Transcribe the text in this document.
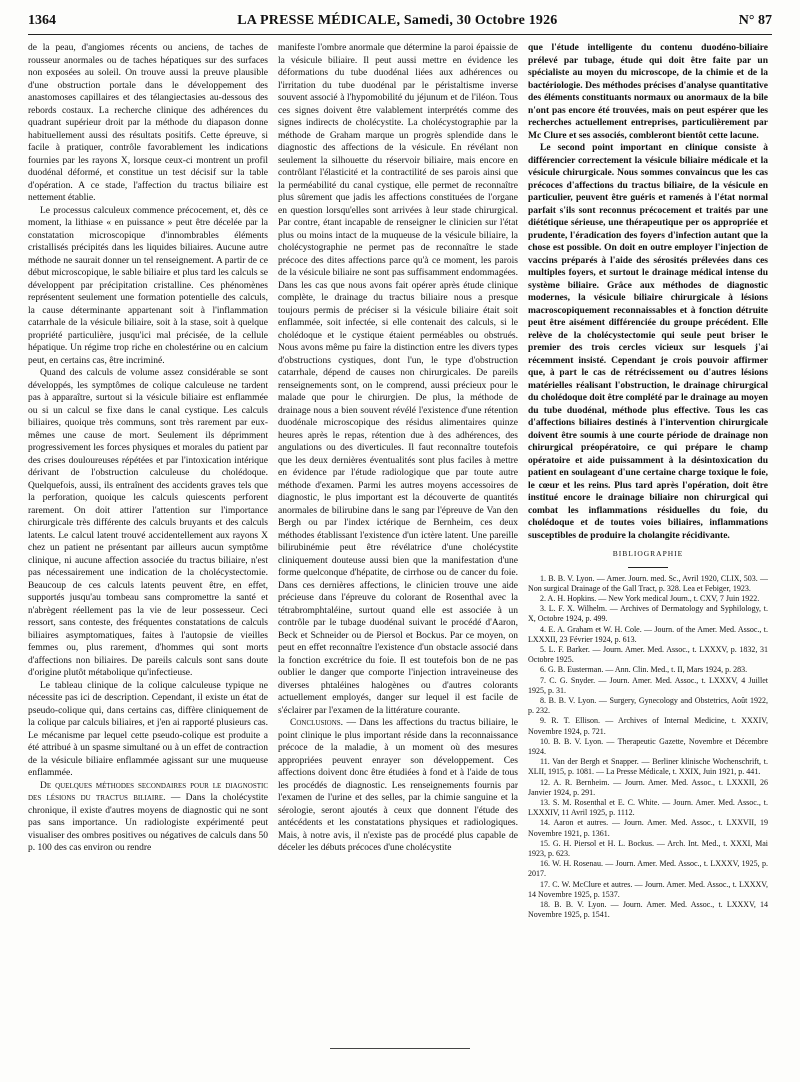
1364	LA PRESSE MÉDICALE, Samedi, 30 Octobre 1926	N° 87

de la peau, d'angiomes récents ou anciens, de taches de rousseur anormales ou de taches hépatiques sur des surfaces non exposées au soleil. On trouve aussi la preuve plausible d'une obstruction portale dans le développement des anastomoses capillaires et des télangiectasies au-dessous des rebords costaux. La recherche clinique des adhérences du quadrant supérieur droit par la méthode du diapason donne habituellement aussi des résultats positifs. Cette épreuve, si facile à pratiquer, contrôle favorablement les indications fournies par les rayons X, lorsque ceux-ci montrent un profil duodénal déformé, et constitue un test décisif sur la table d'opération. A ce stade, l'affection du tractus biliaire est nettement établie.

Le processus calculeux commence précocement, et, dès ce moment, la lithiase « en puissance » peut être décelée par la constatation microscopique d'innombrables éléments cristallisés précipités dans les liquides biliaires. Aucune autre méthode ne saurait donner un tel renseignement. A partir de ce début microscopique, le sable biliaire et plus tard les calculs se développent par précipitation cristalline. Ces phénomènes représentent seulement une formation potentielle des calculs, la cause déterminante appartenant soit à l'inflammation catarrhale de la vésicule biliaire, soit à la stase, soit à quelque propriété particulière, jusqu'ici mal précisée, de la cellule hépatique. Un régime trop riche en cholestérine ou en calcium peut, en certains cas, être incriminé.

Quand des calculs de volume assez considérable se sont développés, les symptômes de colique calculeuse ne tardent pas à apparaître, surtout si la vésicule biliaire est enflammée ou si un calcul se fixe dans le canal cystique. Les calculs biliaires, quoique très communs, sont très rarement par eux-mêmes une cause de mort. Seulement ils déprimment progressivement les forces physiques et morales du patient par des crises douloureuses répétées et par l'intoxication intérique dérivant de l'obstruction calculeuse du cholédoque. Quelquefois, aussi, ils entraînent des accidents graves tels que la perforation, quoique les calculs quiescents perforent rarement. On doit attirer l'attention sur l'importance chirurgicale très différente des calculs bruyants et des calculs latents. Le calcul latent trouvé accidentellement aux rayons X chez un patient ne présentant par ailleurs aucun symptôme clinique, ni aucune affection associée du tractus biliaire, n'est pas nécessairement une indication de la cholécystectomie. Beaucoup de ces calculs latents peuvent être, en effet, supportés jusqu'au tombeau sans compromettre la santé et n'abrègent réellement pas la vie de leur possesseur. Ceci ressort, sans conteste, des fréquentes constatations de calculs biliaires asymptomatiques, faites à l'autopsie de vieilles femmes ou, plus rarement, d'hommes qui sont morts d'affections non biliaires. De pareils calculs sont sans doute d'origine plutôt métabolique qu'infectieuse.

Le tableau clinique de la colique calculeuse typique ne nécessite pas ici de description. Cependant, il existe un état de pseudo-colique qui, dans certains cas, diffère cliniquement de la colique par calculs biliaires, et j'en ai rapporté plusieurs cas. Le mécanisme par lequel cette pseudo-colique est produite a été attribué à un spasme simultané ou à un effet de contraction de la vésicule biliaire enflammée agissant sur une muqueuse enflammée.

De quelques méthodes secondaires pour le diagnostic des lésions du tractus biliaire. — Dans la cholécystite chronique, il existe d'autres moyens de diagnostic qui ne sont pas sans importance. Un radiologiste expérimenté peut visualiser des ombres positives ou négatives de calculs dans 50 p. 100 des cas environ ou rendre

manifeste l'ombre anormale que détermine la paroi épaissie de la vésicule biliaire. Il peut aussi mettre en évidence les déformations du tube duodénal liées aux adhérences ou l'irritation du tube duodénal par le péristaltisme inverse souvent associé à l'hypomobilité du jéjunum et de l'iléon. Tous ces signes doivent être valablement interprétés comme des signes indirects de cholécystite. La cholécystographie par la méthode de Graham marque un progrès splendide dans le diagnostic des affections de la vésicule. En révélant non seulement la silhouette du réservoir biliaire, mais encore en contrôlant l'élasticité et la contractilité de ses parois ainsi que la perméabilité du canal cystique, elle permet de reconnaître plus sûrement que jadis les affections constituées de l'organe en question lorsqu'elles sont arrivées à leur stade chirurgical. Par contre, étant incapable de renseigner le clinicien sur l'état plus ou moins intact de la muqueuse de la vésicule biliaire, la cholécystographie ne permet pas de reconnaître le stade précoce des dites affections parce qu'à ce moment, les parois de la vésicule biliaire ne sont pas suffisamment endommagées. Dans les cas que nous avons fait opérer après étude clinique complète, le drainage du tractus biliaire nous a presque toujours permis de préciser si la vésicule biliaire était soit enflammée, soit infectée, si elle contenait des calculs, si le cholédoque et le cystique étaient perméables ou obstrués. Nous avons même pu faire la distinction entre les divers types d'obstructions cystiques, dont l'un, le type d'obstruction catarrhale, dépend de causes non chirurgicales. De pareils renseignements sont, on le comprend, aussi précieux pour le malade que pour le chirurgien. De plus, la méthode de drainage nous a bien souvent révélé l'existence d'une rétention duodénale microscopique des résidus alimentaires quinze heures après le repas, rétention due à des adhérences, des angulations ou des diverticules. Il faut reconnaître toutefois que les deux dernières éventualités sont plus faciles à mettre en évidence par l'étude radiologique que par toute autre méthode d'examen. Parmi les autres moyens accessoires de diagnostic, le plus important est la découverte de quantités anormales de bilirubine dans le sang par l'épreuve de Van den Bergh ou par l'index ictérique de Bernheim, ces deux méthodes établissant l'existence d'un ictère latent. Une pareille bilirubinémie peut être révélatrice d'une cholécystite cliniquement douteuse aussi bien que la manifestation d'une forme quelconque d'hépatite, de cirrhose ou de cancer du foie. Dans ces dernières affections, le clinicien trouve une aide précieuse dans l'épreuve du colorant de Rosenthal avec la tétrabromphtaléine, surtout quand elle est associée à un contrôle par le tubage duodénal suivant le procédé d'Aaron, Beck et Schneider ou de Piersol et Bockus. Par ce moyen, on peut en effet reconnaître l'existence d'un obstacle associé dans la fonction excrétrice du foie. Il est toutefois bon de ne pas oublier le danger que comporte l'injection intraveineuse des diverses phtaléines halogènes ou d'autres colorants actuellement employés, danger sur lequel il est facile de s'éclairer par l'examen de la littérature courante.

Conclusions. — Dans les affections du tractus biliaire, le point clinique le plus important réside dans la reconnaissance précoce de la maladie, à un moment où des mesures appropriées peuvent enrayer son développement. Ces affections doivent donc être étudiées à fond et à l'aide de tous les procédés de diagnostic. Les renseignements fournis par l'examen de l'urine et des selles, par la chimie sanguine et la sérologie, seront ajoutés à ceux que donnent l'étude des antécédents et les constatations physiques et radiologiques. Mais, à notre avis, il n'existe pas de procédé plus capable de déceler les débuts précoces d'une cholécystite

que l'étude intelligente du contenu duodéno-biliaire prélevé par tubage, étude qui doit être faite par un spécialiste au moyen du microscope, de la chimie et de la bactériologie. Des méthodes précises d'analyse quantitative des éléments constituants normaux ou anormaux de la bile n'ont pas encore été trouvées, mais on peut espérer que les recherches actuellement entreprises, particulièrement par Mc Clure et ses associés, combleront bientôt cette lacune.

Le second point important en clinique consiste à différencier correctement la vésicule biliaire médicale et la vésicule chirurgicale. Nous sommes convaincus que les cas précoces d'affections du tractus biliaire, de la vésicule en particulier, peuvent être guéris et ramenés à l'état normal parfait s'ils sont reconnus précocement et traités par une diététique sérieuse, une thérapeutique per os appropriée et prudente, l'éradication des foyers d'infection autant que la chose est possible. On doit en outre employer l'injection de vaccins préparés à l'aide des sérosités prélevées dans ces multiples foyers, et surtout le drainage médical intense du système biliaire. Grâce aux méthodes de diagnostic modernes, la vésicule biliaire chirurgicale à lésions macroscopiquement reconnaissables et à fonction détruite peut être aisément différenciée du groupe précédent. Elle relève de la cholécystectomie qui seule peut briser le premier des trois cercles vicieux sur lesquels j'ai récemment insisté. Cependant je crois pouvoir affirmer que, à part le cas de rétrécissement ou d'autres lésions matérielles réalisant l'obstruction, le drainage chirurgical du cholédoque doit être complété par le drainage au moyen du tube duodénal, méthode plus effective. Tous les cas d'affections biliaires destinés à l'intervention chirurgicale doivent être soumis à une courte période de drainage non chirurgical préopératoire, ce qui prépare le champ opératoire et aide puissamment à la désintoxication du patient en soulageant d'une certaine charge toxique le foie, le cœur et les reins. Plus tard après l'opération, doit être institué encore le drainage biliaire non chirurgical qui combat les inflammations résiduelles du foie, du cholédoque et de toutes voies biliaires, inflammations susceptibles de produire la cholangite récidivante.

BIBLIOGRAPHIE

1. B. B. V. Lyon. — Amer. Journ. med. Sc., Avril 1920, CLIX, 503. — Non surgical Drainage of the Gall Tract, p. 328. Lea et Febiger, 1923.

2. A. H. Hopkins. — New York medical Journ., t. CXV, 7 Juin 1922.

3. L. F. X. Wilhelm. — Archives of Dermatology and Syphilology, t. X, Octobre 1924, p. 499.

4. E. A. Graham et W. H. Cole. — Journ. of the Amer. Med. Assoc., t. LXXXII, 23 Février 1924, p. 613.

5. L. F. Barker. — Journ. Amer. Med. Assoc., t. LXXXV, p. 1832, 31 Octobre 1925.

6. G. B. Eusterman. — Ann. Clin. Med., t. II, Mars 1924, p. 283.

7. C. G. Snyder. — Journ. Amer. Med. Assoc., t. LXXXV, 4 Juillet 1925, p. 31.

8. B. B. V. Lyon. — Surgery, Gynecology and Obstetrics, Août 1922, p. 232.

9. R. T. Ellison. — Archives of Internal Medicine, t. XXXIV, Novembre 1924, p. 721.

10. B. B. V. Lyon. — Therapeutic Gazette, Novembre et Décembre 1924.

11. Van der Bergh et Snapper. — Berliner klinische Wochenschrift, t. XLII, 1915, p. 1081. — La Presse Médicale, t. XXIX, Juin 1921, p. 441.

12. A. R. Bernheim. — Journ. Amer. Med. Assoc., t. LXXXII, 26 Janvier 1924, p. 291.

13. S. M. Rosenthal et E. C. White. — Journ. Amer. Med. Assoc., t. LXXXIV, 11 Avril 1925, p. 1112.

14. Aaron et autres. — Journ. Amer. Med. Assoc., t. LXXVII, 19 Novembre 1921, p. 1361.

15. G. H. Piersol et H. L. Bockus. — Arch. Int. Med., t. XXXI, Mai 1923, p. 623.

16. W. H. Rosenau. — Journ. Amer. Med. Assoc., t. LXXXV, 1925, p. 2017.

17. C. W. McClure et autres. — Journ. Amer. Med. Assoc., t. LXXXV, 14 Novembre 1925, p. 1537.

18. B. B. V. Lyon. — Journ. Amer. Med. Assoc., t. LXXXV, 14 Novembre 1925, p. 1541.
